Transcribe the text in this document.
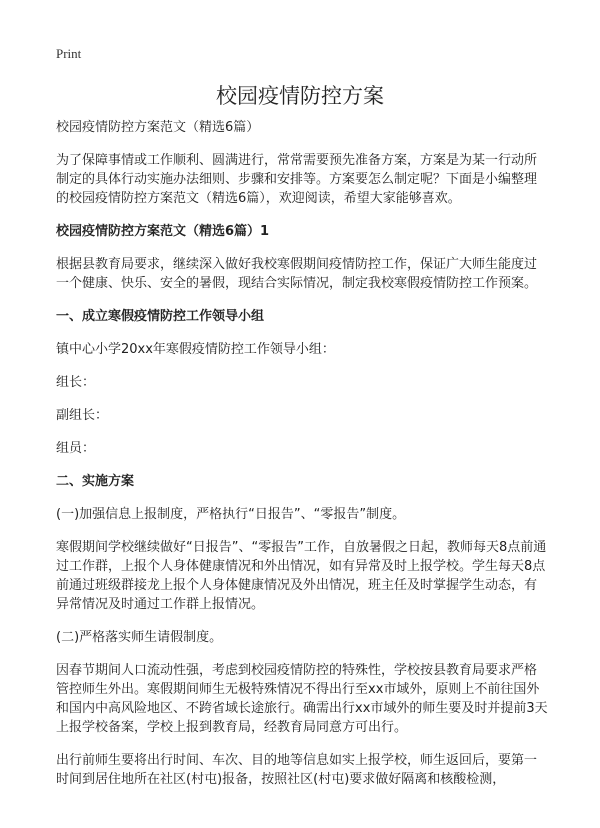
Print
校园疫情防控方案

校园疫情防控方案范文（精选6篇）

为了保障事情或工作顺利、圆满进行，常常需要预先准备方案，方案是为某一行动所制定的具体行动实施办法细则、步骤和安排等。方案要怎么制定呢？下面是小编整理的校园疫情防控方案范文（精选6篇），欢迎阅读，希望大家能够喜欢。

校园疫情防控方案范文（精选6篇）1

根据县教育局要求，继续深入做好我校寒假期间疫情防控工作，保证广大师生能度过一个健康、快乐、安全的暑假，现结合实际情况，制定我校寒假疫情防控工作预案。

一、成立寒假疫情防控工作领导小组

镇中心小学20xx年寒假疫情防控工作领导小组：

组长：

副组长：

组员：

二、实施方案

(一)加强信息上报制度，严格执行“日报告”、“零报告”制度。

寒假期间学校继续做好“日报告”、“零报告”工作，自放暑假之日起，教师每天8点前通过工作群，上报个人身体健康情况和外出情况，如有异常及时上报学校。学生每天8点前通过班级群接龙上报个人身体健康情况及外出情况，班主任及时掌握学生动态，有异常情况及时通过工作群上报情况。

(二)严格落实师生请假制度。

因春节期间人口流动性强，考虑到校园疫情防控的特殊性，学校按县教育局要求严格管控师生外出。寒假期间师生无极特殊情况不得出行至xx市域外，原则上不前往国外和国内中高风险地区、不跨省域长途旅行。确需出行xx市域外的师生要及时并提前3天上报学校备案，学校上报到教育局，经教育局同意方可出行。

出行前师生要将出行时间、车次、目的地等信息如实上报学校，师生返回后，要第一时间到居住地所在社区(村屯)报备，按照社区(村屯)要求做好隔离和核酸检测，
